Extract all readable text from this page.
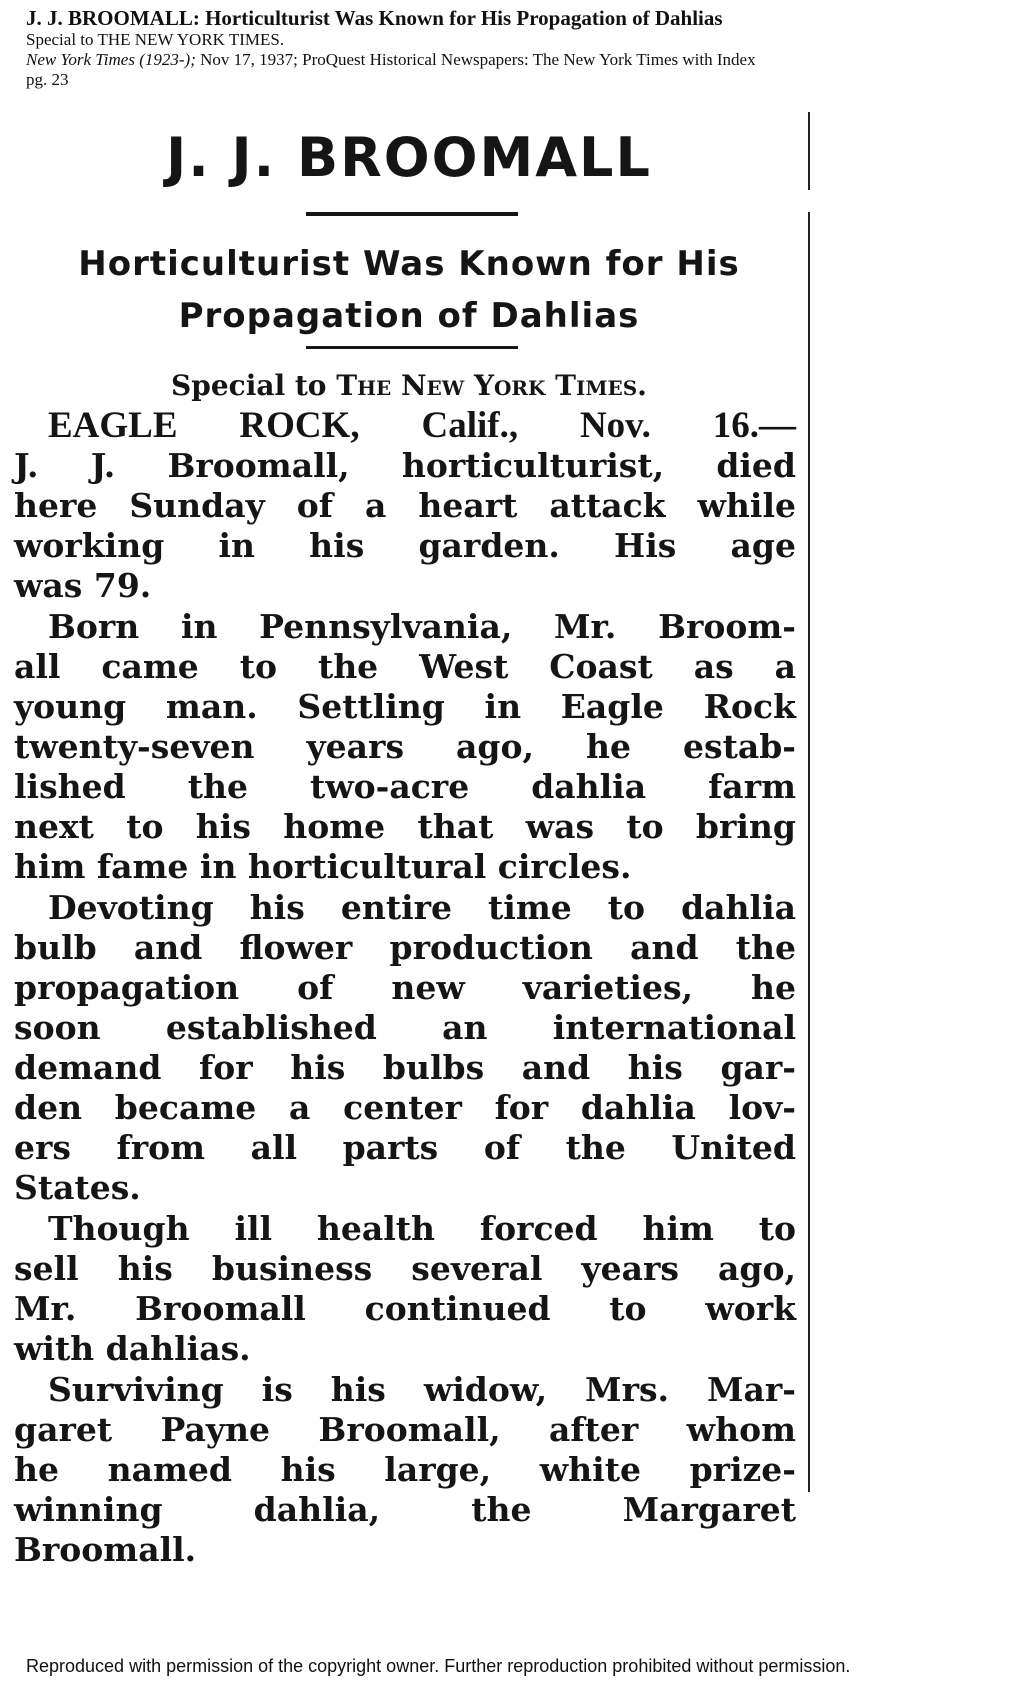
J. J. BROOMALL: Horticulturist Was Known for His Propagation of Dahlias
Special to THE NEW YORK TIMES.
New York Times (1923-); Nov 17, 1937; ProQuest Historical Newspapers: The New York Times with Index
pg. 23
J. J. BROOMALL
Horticulturist Was Known for His
Propagation of Dahlias
Special to The New York Times.
EAGLE ROCK, Calif., Nov. 16.—
J. J. Broomall, horticulturist, died
here Sunday of a heart attack while
working in his garden. His age
was 79.
Born in Pennsylvania, Mr. Broom-
all came to the West Coast as a
young man. Settling in Eagle Rock
twenty-seven years ago, he estab-
lished the two-acre dahlia farm
next to his home that was to bring
him fame in horticultural circles.
Devoting his entire time to dahlia
bulb and flower production and the
propagation of new varieties, he
soon established an international
demand for his bulbs and his gar-
den became a center for dahlia lov-
ers from all parts of the United
States.
Though ill health forced him to
sell his business several years ago,
Mr. Broomall continued to work
with dahlias.
Surviving is his widow, Mrs. Mar-
garet Payne Broomall, after whom
he named his large, white prize-
winning dahlia, the Margaret
Broomall.
Reproduced with permission of the copyright owner. Further reproduction prohibited without permission.
